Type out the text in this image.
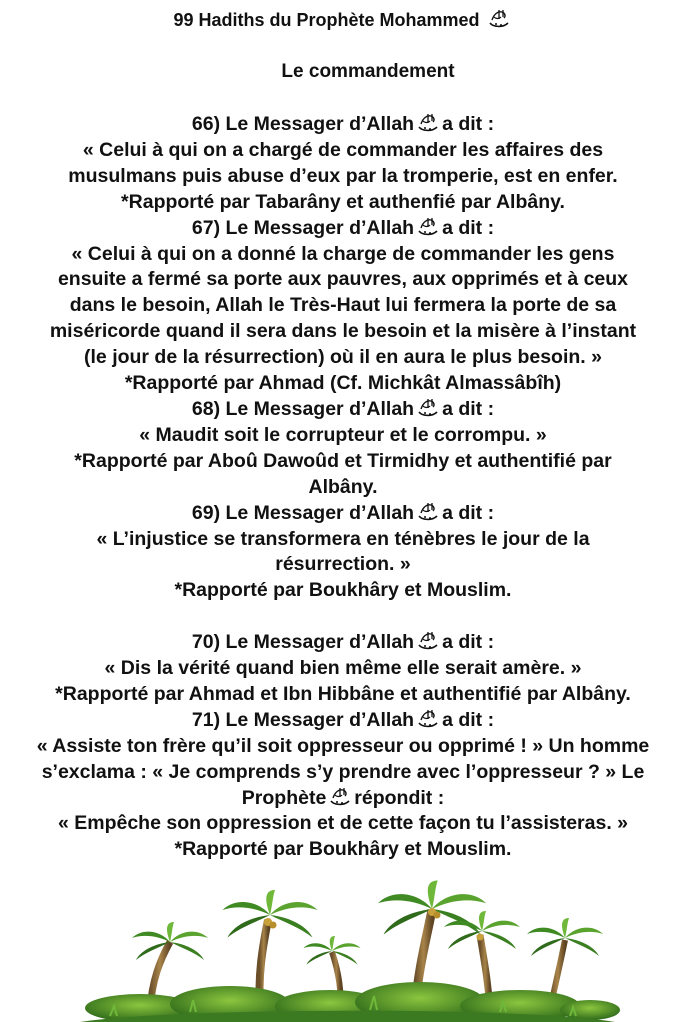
99 Hadiths du Prophète Mohammed
Le commandement
66) Le Messager d’Allah a dit :
« Celui à qui on a chargé de commander les affaires des
musulmans puis abuse d’eux par la tromperie, est en enfer.
*Rapporté par Tabarâny et authenfié par Albâny.
67) Le Messager d’Allah a dit :
« Celui à qui on a donné la charge de commander les gens
ensuite a fermé sa porte aux pauvres, aux opprimés et à ceux
dans le besoin, Allah le Très-Haut lui fermera la porte de sa
miséricorde quand il sera dans le besoin et la misère à l’instant
(le jour de la résurrection) où il en aura le plus besoin. »
*Rapporté par Ahmad (Cf. Michkât Almassâbîh)
68) Le Messager d’Allah a dit :
« Maudit soit le corrupteur et le corrompu. »
*Rapporté par Aboû Dawoûd et Tirmidhy et authentifié par
Albâny.
69) Le Messager d’Allah a dit :
« L’injustice se transformera en ténèbres le jour de la
résurrection. »
*Rapporté par Boukhâry et Mouslim.
70) Le Messager d’Allah a dit :
« Dis la vérité quand bien même elle serait amère. »
*Rapporté par Ahmad et Ibn Hibbâne et authentifié par Albâny.
71) Le Messager d’Allah a dit :
« Assiste ton frère qu’il soit oppresseur ou opprimé ! » Un homme
s’exclama : « Je comprends s’y prendre avec l’oppresseur ? » Le
Prophète répondit :
« Empêche son oppression et de cette façon tu l’assisteras. »
*Rapporté par Boukhâry et Mouslim.
